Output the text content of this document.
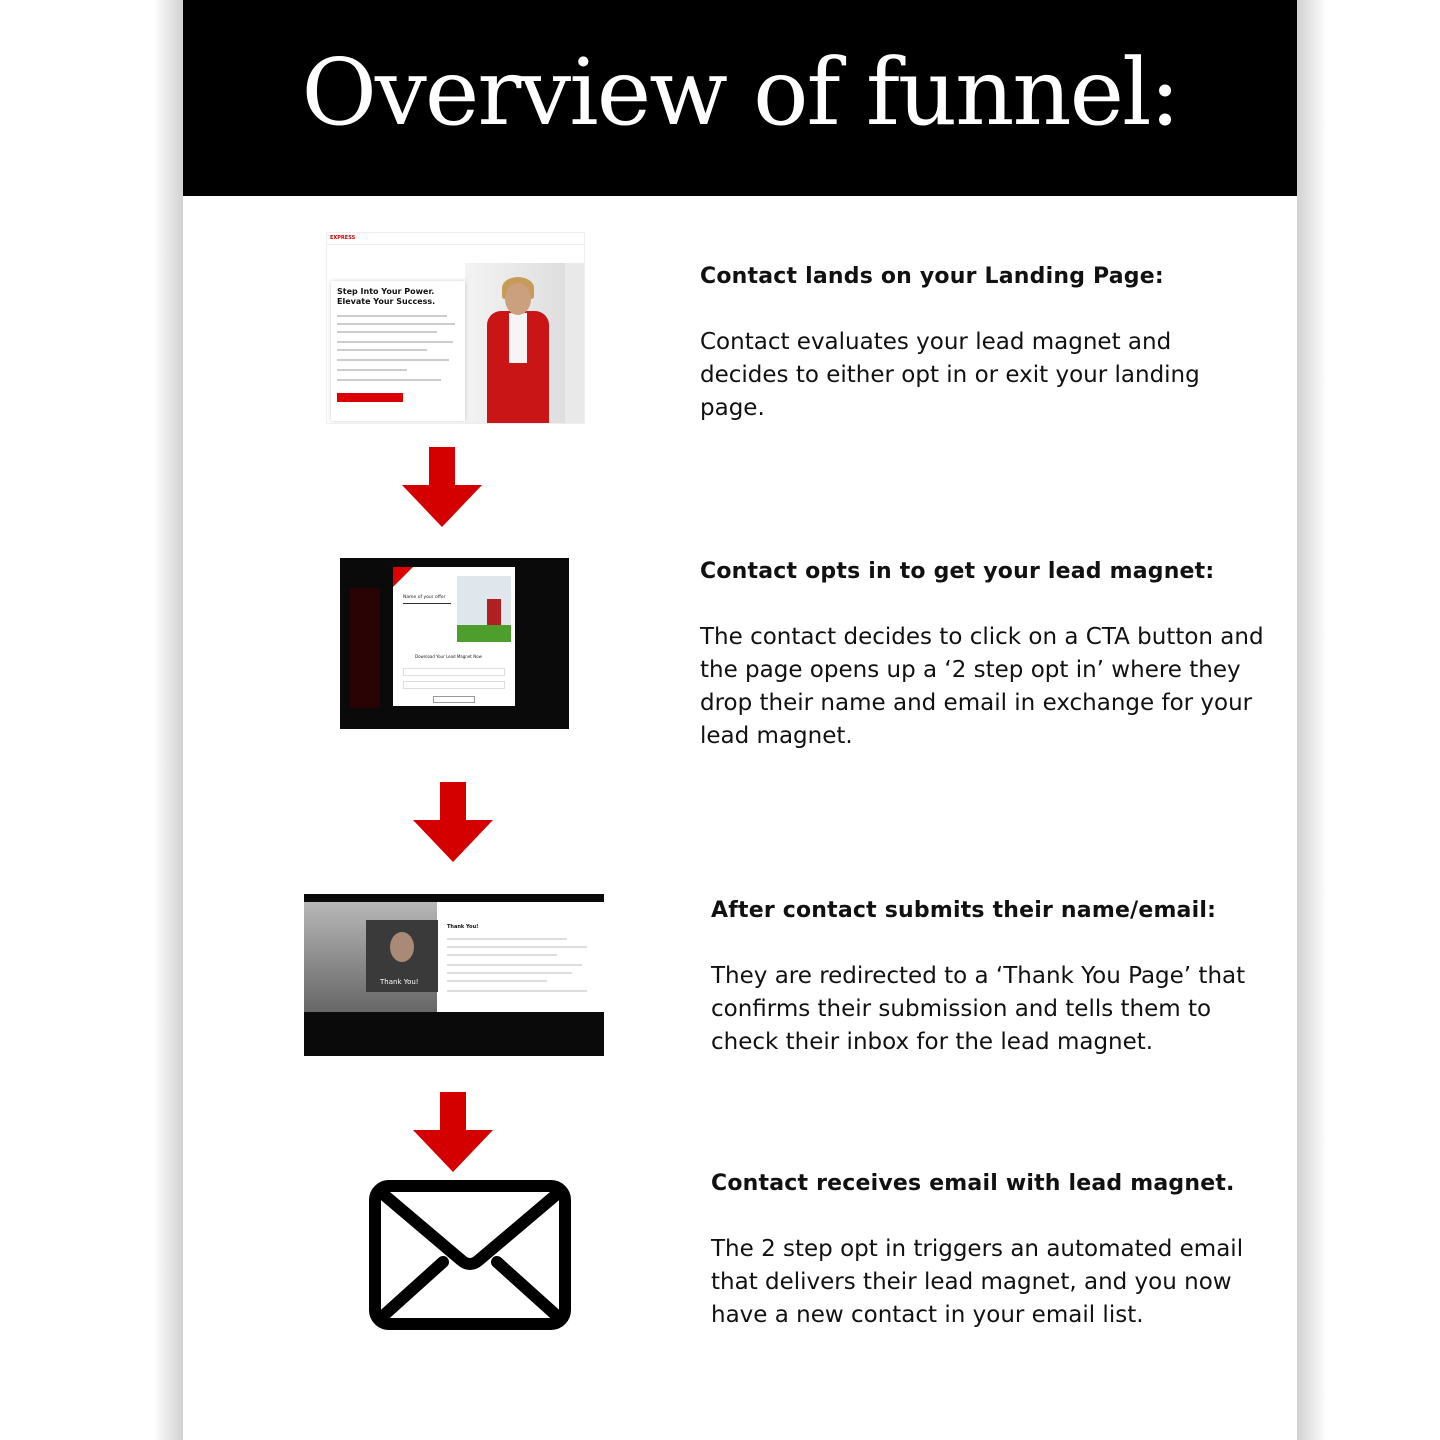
Overview of funnel:
EXPRESS
Step Into Your Power. Elevate Your Success.
Contact lands on your Landing Page:
Contact evaluates your lead magnet and decides to either opt in or exit your landing page.
Name of your offer
Download Your Lead Magnet Now
Contact opts in to get your lead magnet:
The contact decides to click on a CTA button and the page opens up a ‘2 step opt in’ where they drop their name and email in exchange for your lead magnet.
Thank You!
Thank You!
After contact submits their name/email:
They are redirected to a ‘Thank You Page’ that confirms their submission and tells them to check their inbox for the lead magnet.
Contact receives email with lead magnet.
The 2 step opt in triggers an automated email that delivers their lead magnet, and you now have a new contact in your email list.
